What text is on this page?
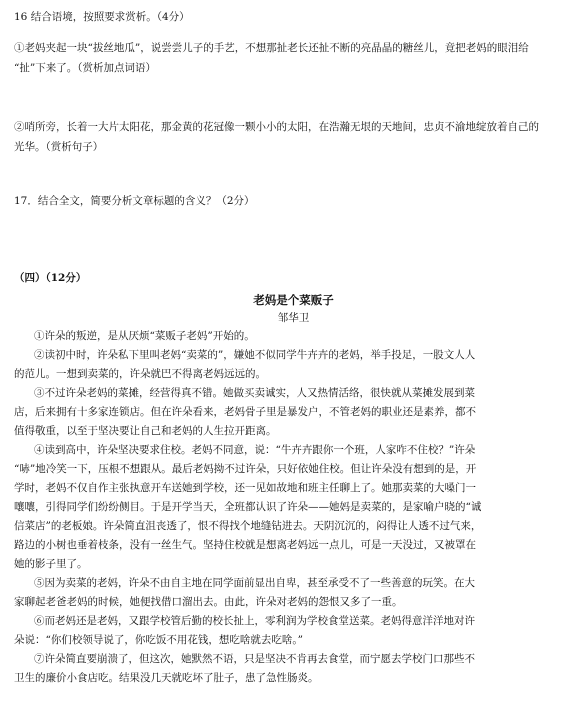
16 结合语境，按照要求赏析。（4分）
①老妈夹起一块“拔丝地瓜”，说尝尝儿子的手艺，不想那扯老长还扯不断的亮晶晶的糖丝儿，竟把老妈的眼泪给
“扯”下来了。（赏析加点词语）
②哨所旁，长着一大片太阳花，那金黄的花冠像一颗小小的太阳，在浩瀚无垠的天地间，忠贞不渝地绽放着自己的
光华。（赏析句子）
17．结合全文，简要分析文章标题的含义？（2分）
（四）（12分）
老妈是个菜贩子
邹华卫
①许朵的叛逆，是从厌烦“菜贩子老妈”开始的。
②读初中时，许朵私下里叫老妈“卖菜的”，嫌她不似同学牛卉卉的老妈，举手投足，一股文人人
的范儿。一想到卖菜的，许朵就巴不得离老妈远远的。
③不过许朵老妈的菜摊，经营得真不错。她做买卖诚实，人又热情活络，很快就从菜摊发展到菜
店，后来拥有十多家连锁店。但在许朵看来，老妈骨子里是暴发户，不管老妈的职业还是素养，都不
值得敬重，以至于坚决要让自己和老妈的人生拉开距离。
④读到高中，许朵坚决要求住校。老妈不同意，说：“牛卉卉跟你一个班，人家咋不住校？”许朵
“哧”地冷笑一下，压根不想跟从。最后老妈拗不过许朵，只好依她住校。但让许朵没有想到的是，开
学时，老妈不仅自作主张执意开车送她到学校，还一见如故地和班主任聊上了。她那卖菜的大嗓门一
嚷嚷，引得同学们纷纷侧目。于是开学当天，全班都认识了许朵——她妈是卖菜的，是家喻户晓的“诚
信菜店”的老板娘。许朵简直沮丧透了，恨不得找个地缝钻进去。天阴沉沉的，闷得让人透不过气来，
路边的小树也垂着枝条，没有一丝生气。坚持住校就是想离老妈远一点儿，可是一天没过，又被罩在
她的影子里了。
⑤因为卖菜的老妈，许朵不由自主地在同学面前显出自卑，甚至承受不了一些善意的玩笑。在大
家聊起老爸老妈的时候，她便找借口溜出去。由此，许朵对老妈的怨恨又多了一重。
⑥而老妈还是老妈，又跟学校管后勤的校长扯上，零利润为学校食堂送菜。老妈得意洋洋地对许
朵说：“你们校领导说了，你吃饭不用花钱，想吃啥就去吃啥。”
⑦许朵简直要崩溃了，但这次，她默然不语，只是坚决不肯再去食堂，而宁愿去学校门口那些不
卫生的廉价小食店吃。结果没几天就吃坏了肚子，患了急性肠炎。
